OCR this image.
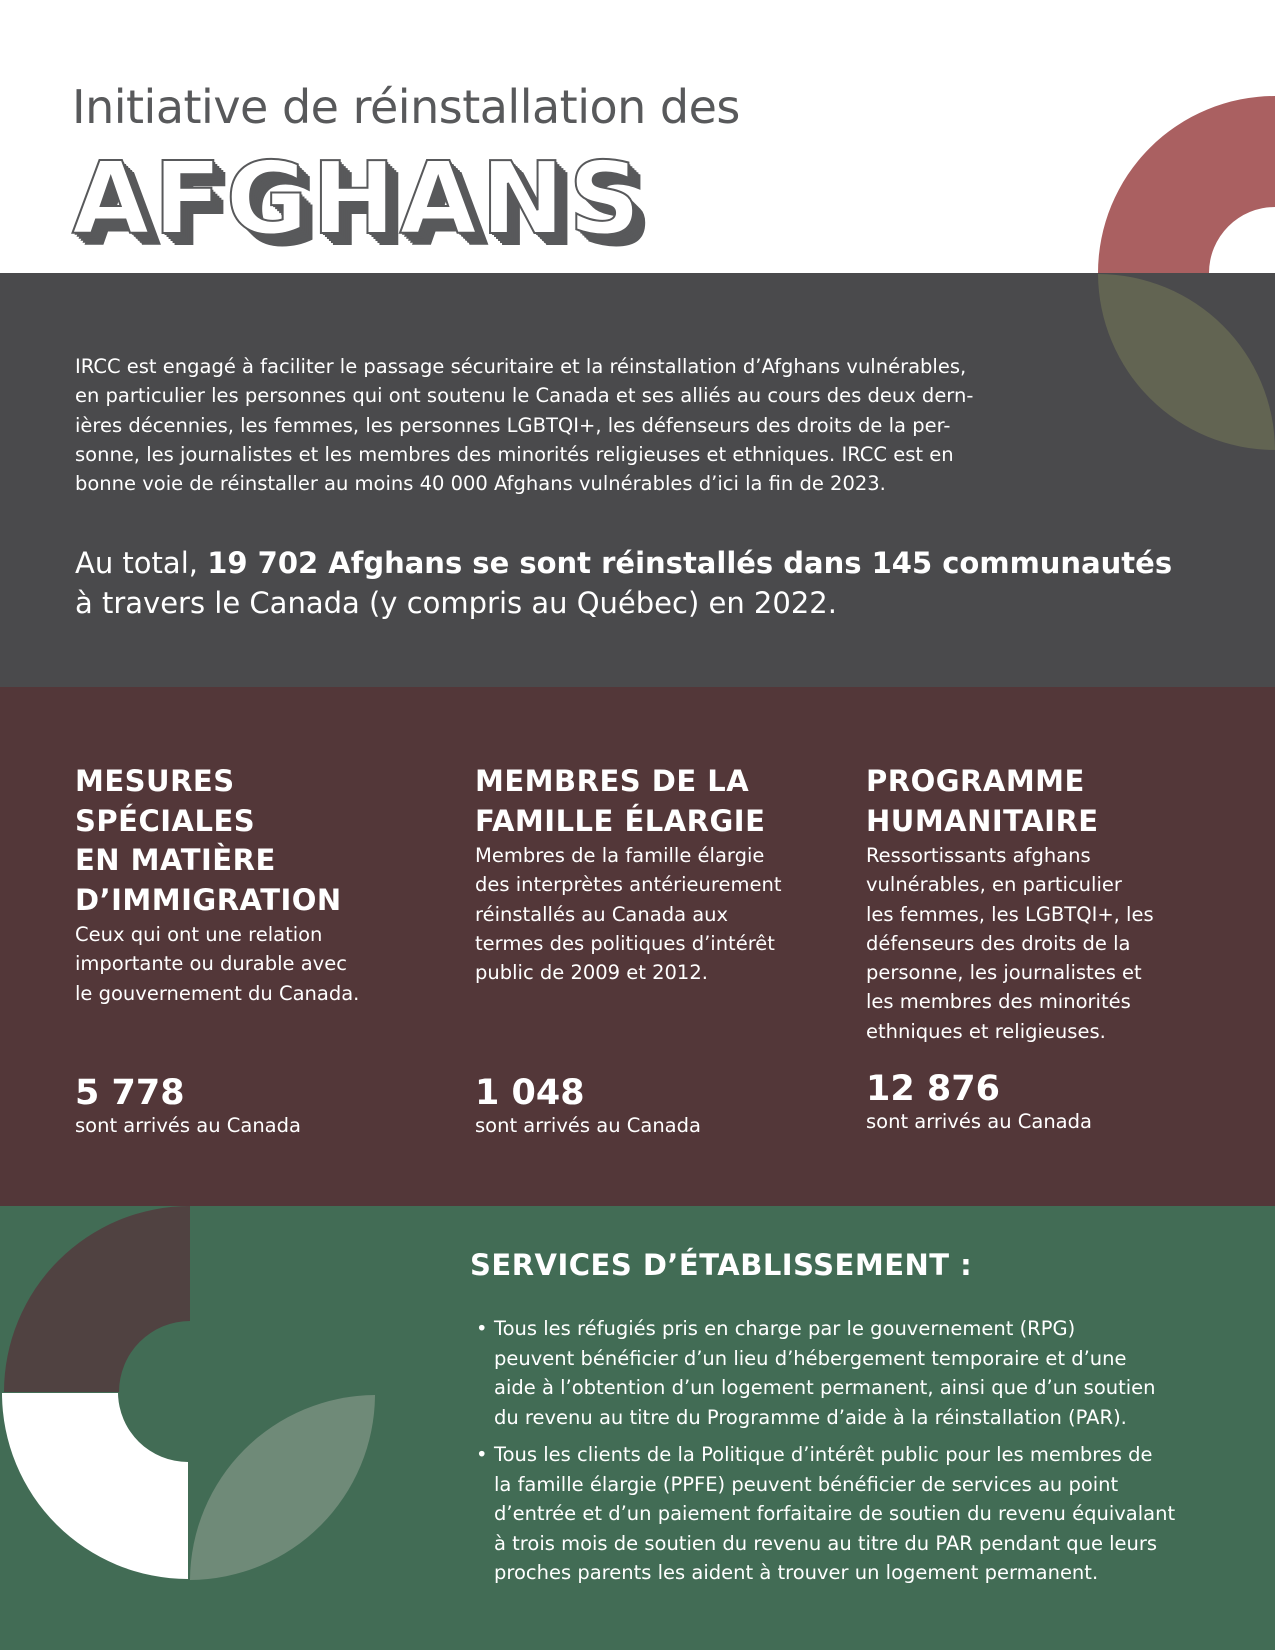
Initiative de réinstallation des
AFGHANS
IRCC est engagé à faciliter le passage sécuritaire et la réinstallation d’Afghans vulnérables,
en particulier les personnes qui ont soutenu le Canada et ses alliés au cours des deux dern-
ières décennies, les femmes, les personnes LGBTQI+, les défenseurs des droits de la per-
sonne, les journalistes et les membres des minorités religieuses et ethniques. IRCC est en
bonne voie de réinstaller au moins 40 000 Afghans vulnérables d’ici la fin de 2023.
Au total, 19 702 Afghans se sont réinstallés dans 145 communautés
à travers le Canada (y compris au Québec) en 2022.
MESURES
SPÉCIALES
EN MATIÈRE
D’IMMIGRATION

Ceux qui ont une relation
importante ou durable avec
le gouvernement du Canada.

5 778
sont arrivés au Canada
MEMBRES DE LA
FAMILLE ÉLARGIE

Membres de la famille élargie
des interprètes antérieurement
réinstallés au Canada aux
termes des politiques d’intérêt
public de 2009 et 2012.

1 048
sont arrivés au Canada
PROGRAMME
HUMANITAIRE

Ressortissants afghans
vulnérables, en particulier
les femmes, les LGBTQI+, les
défenseurs des droits de la
personne, les journalistes et
les membres des minorités
ethniques et religieuses.

12 876
sont arrivés au Canada
SERVICES D’ÉTABLISSEMENT :
• Tous les réfugiés pris en charge par le gouvernement (RPG)
peuvent bénéficier d’un lieu d’hébergement temporaire et d’une
aide à l’obtention d’un logement permanent, ainsi que d’un soutien
du revenu au titre du Programme d’aide à la réinstallation (PAR).
• Tous les clients de la Politique d’intérêt public pour les membres de
la famille élargie (PPFE) peuvent bénéficier de services au point
d’entrée et d’un paiement forfaitaire de soutien du revenu équivalant
à trois mois de soutien du revenu au titre du PAR pendant que leurs
proches parents les aident à trouver un logement permanent.
